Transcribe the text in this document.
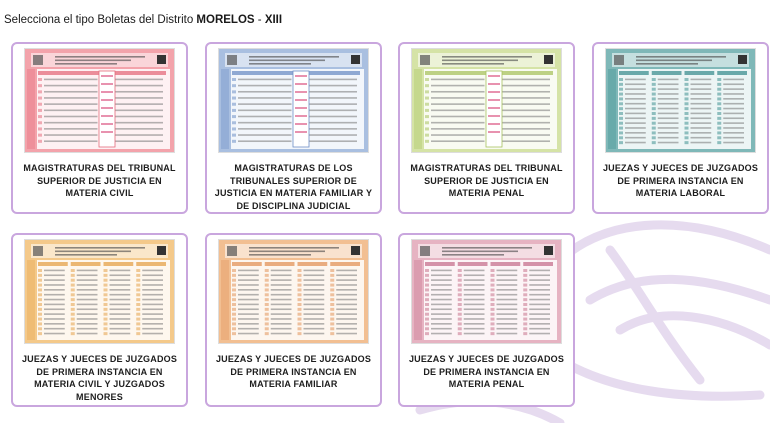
Selecciona el tipo Boletas del Distrito MORELOS - XIII
MAGISTRATURAS DEL TRIBUNAL SUPERIOR DE JUSTICIA EN MATERIA CIVIL
MAGISTRATURAS DE LOS TRIBUNALES SUPERIOR DE JUSTICIA EN MATERIA FAMILIAR Y DE DISCIPLINA JUDICIAL
MAGISTRATURAS DEL TRIBUNAL SUPERIOR DE JUSTICIA EN MATERIA PENAL
JUEZAS Y JUECES DE JUZGADOS DE PRIMERA INSTANCIA EN MATERIA LABORAL
JUEZAS Y JUECES DE JUZGADOS DE PRIMERA INSTANCIA EN MATERIA CIVIL Y JUZGADOS MENORES
JUEZAS Y JUECES DE JUZGADOS DE PRIMERA INSTANCIA EN MATERIA FAMILIAR
JUEZAS Y JUECES DE JUZGADOS DE PRIMERA INSTANCIA EN MATERIA PENAL
